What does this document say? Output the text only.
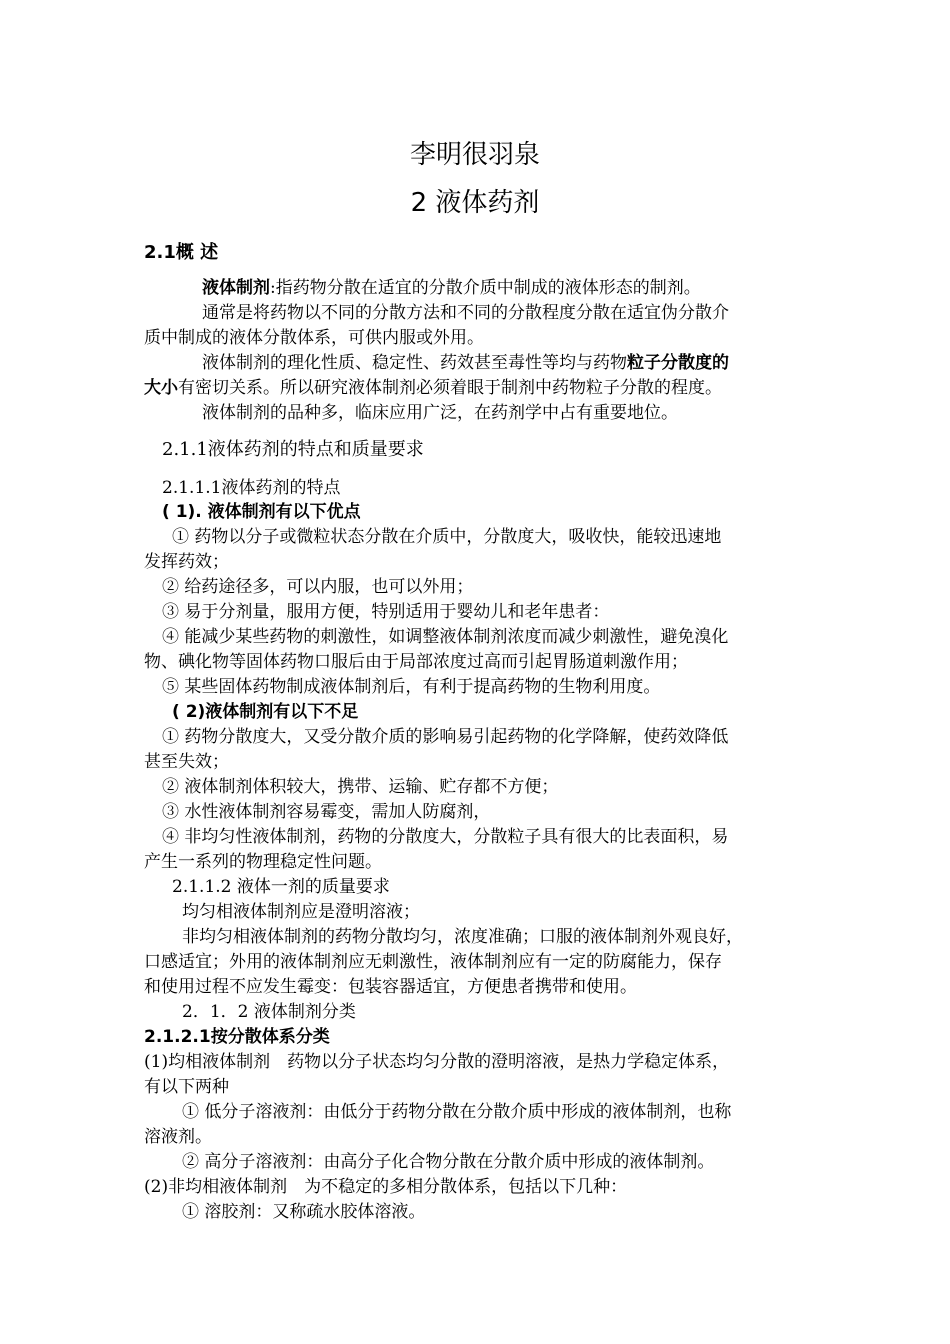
李明很羽泉
2 液体药剂
2.1概 述
液体制剂:指药物分散在适宜的分散介质中制成的液体形态的制剂。
通常是将药物以不同的分散方法和不同的分散程度分散在适宜伪分散介
质中制成的液体分散体系，可供内服或外用。
液体制剂的理化性质、稳定性、药效甚至毒性等均与药物粒子分散度的
大小有密切关系。所以研究液体制剂必须着眼于制剂中药物粒子分散的程度。
液体制剂的品种多，临床应用广泛，在药剂学中占有重要地位。
2.1.1液体药剂的特点和质量要求
2.1.1.1液体药剂的特点
( 1). 液体制剂有以下优点
① 药物以分子或微粒状态分散在介质中，分散度大，吸收快，能较迅速地
发挥药效；
② 给药途径多，可以内服，也可以外用；
③ 易于分剂量，服用方便，特别适用于婴幼儿和老年患者：
④ 能减少某些药物的刺激性，如调整液体制剂浓度而减少刺激性，避免溴化
物、碘化物等固体药物口服后由于局部浓度过高而引起胃肠道刺激作用；
⑤ 某些固体药物制成液体制剂后，有利于提高药物的生物利用度。
( 2)液体制剂有以下不足
① 药物分散度大，又受分散介质的影响易引起药物的化学降解，使药效降低
甚至失效；
② 液体制剂体积较大，携带、运输、贮存都不方便；
③ 水性液体制剂容易霉变，需加人防腐剂，
④ 非均匀性液体制剂，药物的分散度大，分散粒子具有很大的比表面积，易
产生一系列的物理稳定性问题。
2.1.1.2 液体一剂的质量要求
均匀相液体制剂应是澄明溶液；
非均匀相液体制剂的药物分散均匀，浓度准确；口服的液体制剂外观良好，
口感适宜；外用的液体制剂应无刺激性，液体制剂应有一定的防腐能力，保存
和使用过程不应发生霉变：包装容器适宜，方便患者携带和使用。
2．1．2 液体制剂分类
2.1.2.1按分散体系分类
(1)均相液体制剂　药物以分子状态均匀分散的澄明溶液，是热力学稳定体系，
有以下两种
① 低分子溶液剂：由低分于药物分散在分散介质中形成的液体制剂，也称
溶液剂。
② 高分子溶液剂：由高分子化合物分散在分散介质中形成的液体制剂。
(2)非均相液体制剂　为不稳定的多相分散体系，包括以下几种：
① 溶胶剂：又称疏水胶体溶液。
